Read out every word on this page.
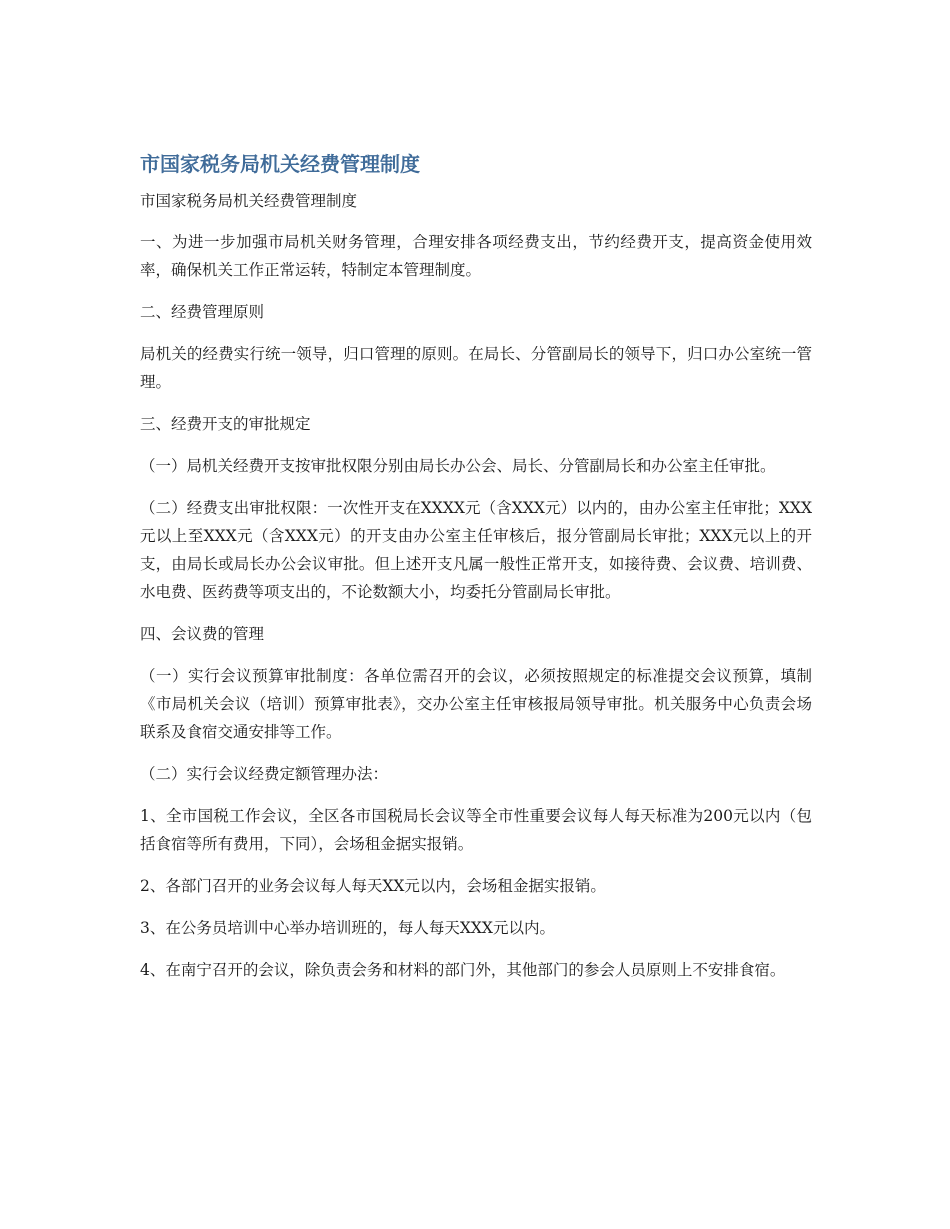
市国家税务局机关经费管理制度

市国家税务局机关经费管理制度

一、为进一步加强市局机关财务管理，合理安排各项经费支出，节约经费开支，提高资金使用效率，确保机关工作正常运转，特制定本管理制度。

二、经费管理原则

局机关的经费实行统一领导，归口管理的原则。在局长、分管副局长的领导下，归口办公室统一管理。

三、经费开支的审批规定

（一）局机关经费开支按审批权限分别由局长办公会、局长、分管副局长和办公室主任审批。

（二）经费支出审批权限：一次性开支在XXXX元（含XXX元）以内的，由办公室主任审批；XXX元以上至XXX元（含XXX元）的开支由办公室主任审核后，报分管副局长审批；XXX元以上的开支，由局长或局长办公会议审批。但上述开支凡属一般性正常开支，如接待费、会议费、培训费、水电费、医药费等项支出的，不论数额大小，均委托分管副局长审批。

四、会议费的管理

（一）实行会议预算审批制度：各单位需召开的会议，必须按照规定的标准提交会议预算，填制《市局机关会议（培训）预算审批表》，交办公室主任审核报局领导审批。机关服务中心负责会场联系及食宿交通安排等工作。

（二）实行会议经费定额管理办法：

1、全市国税工作会议，全区各市国税局长会议等全市性重要会议每人每天标准为200元以内（包括食宿等所有费用，下同），会场租金据实报销。

2、各部门召开的业务会议每人每天XX元以内，会场租金据实报销。

3、在公务员培训中心举办培训班的，每人每天XXX元以内。

4、在南宁召开的会议，除负责会务和材料的部门外，其他部门的参会人员原则上不安排食宿。
